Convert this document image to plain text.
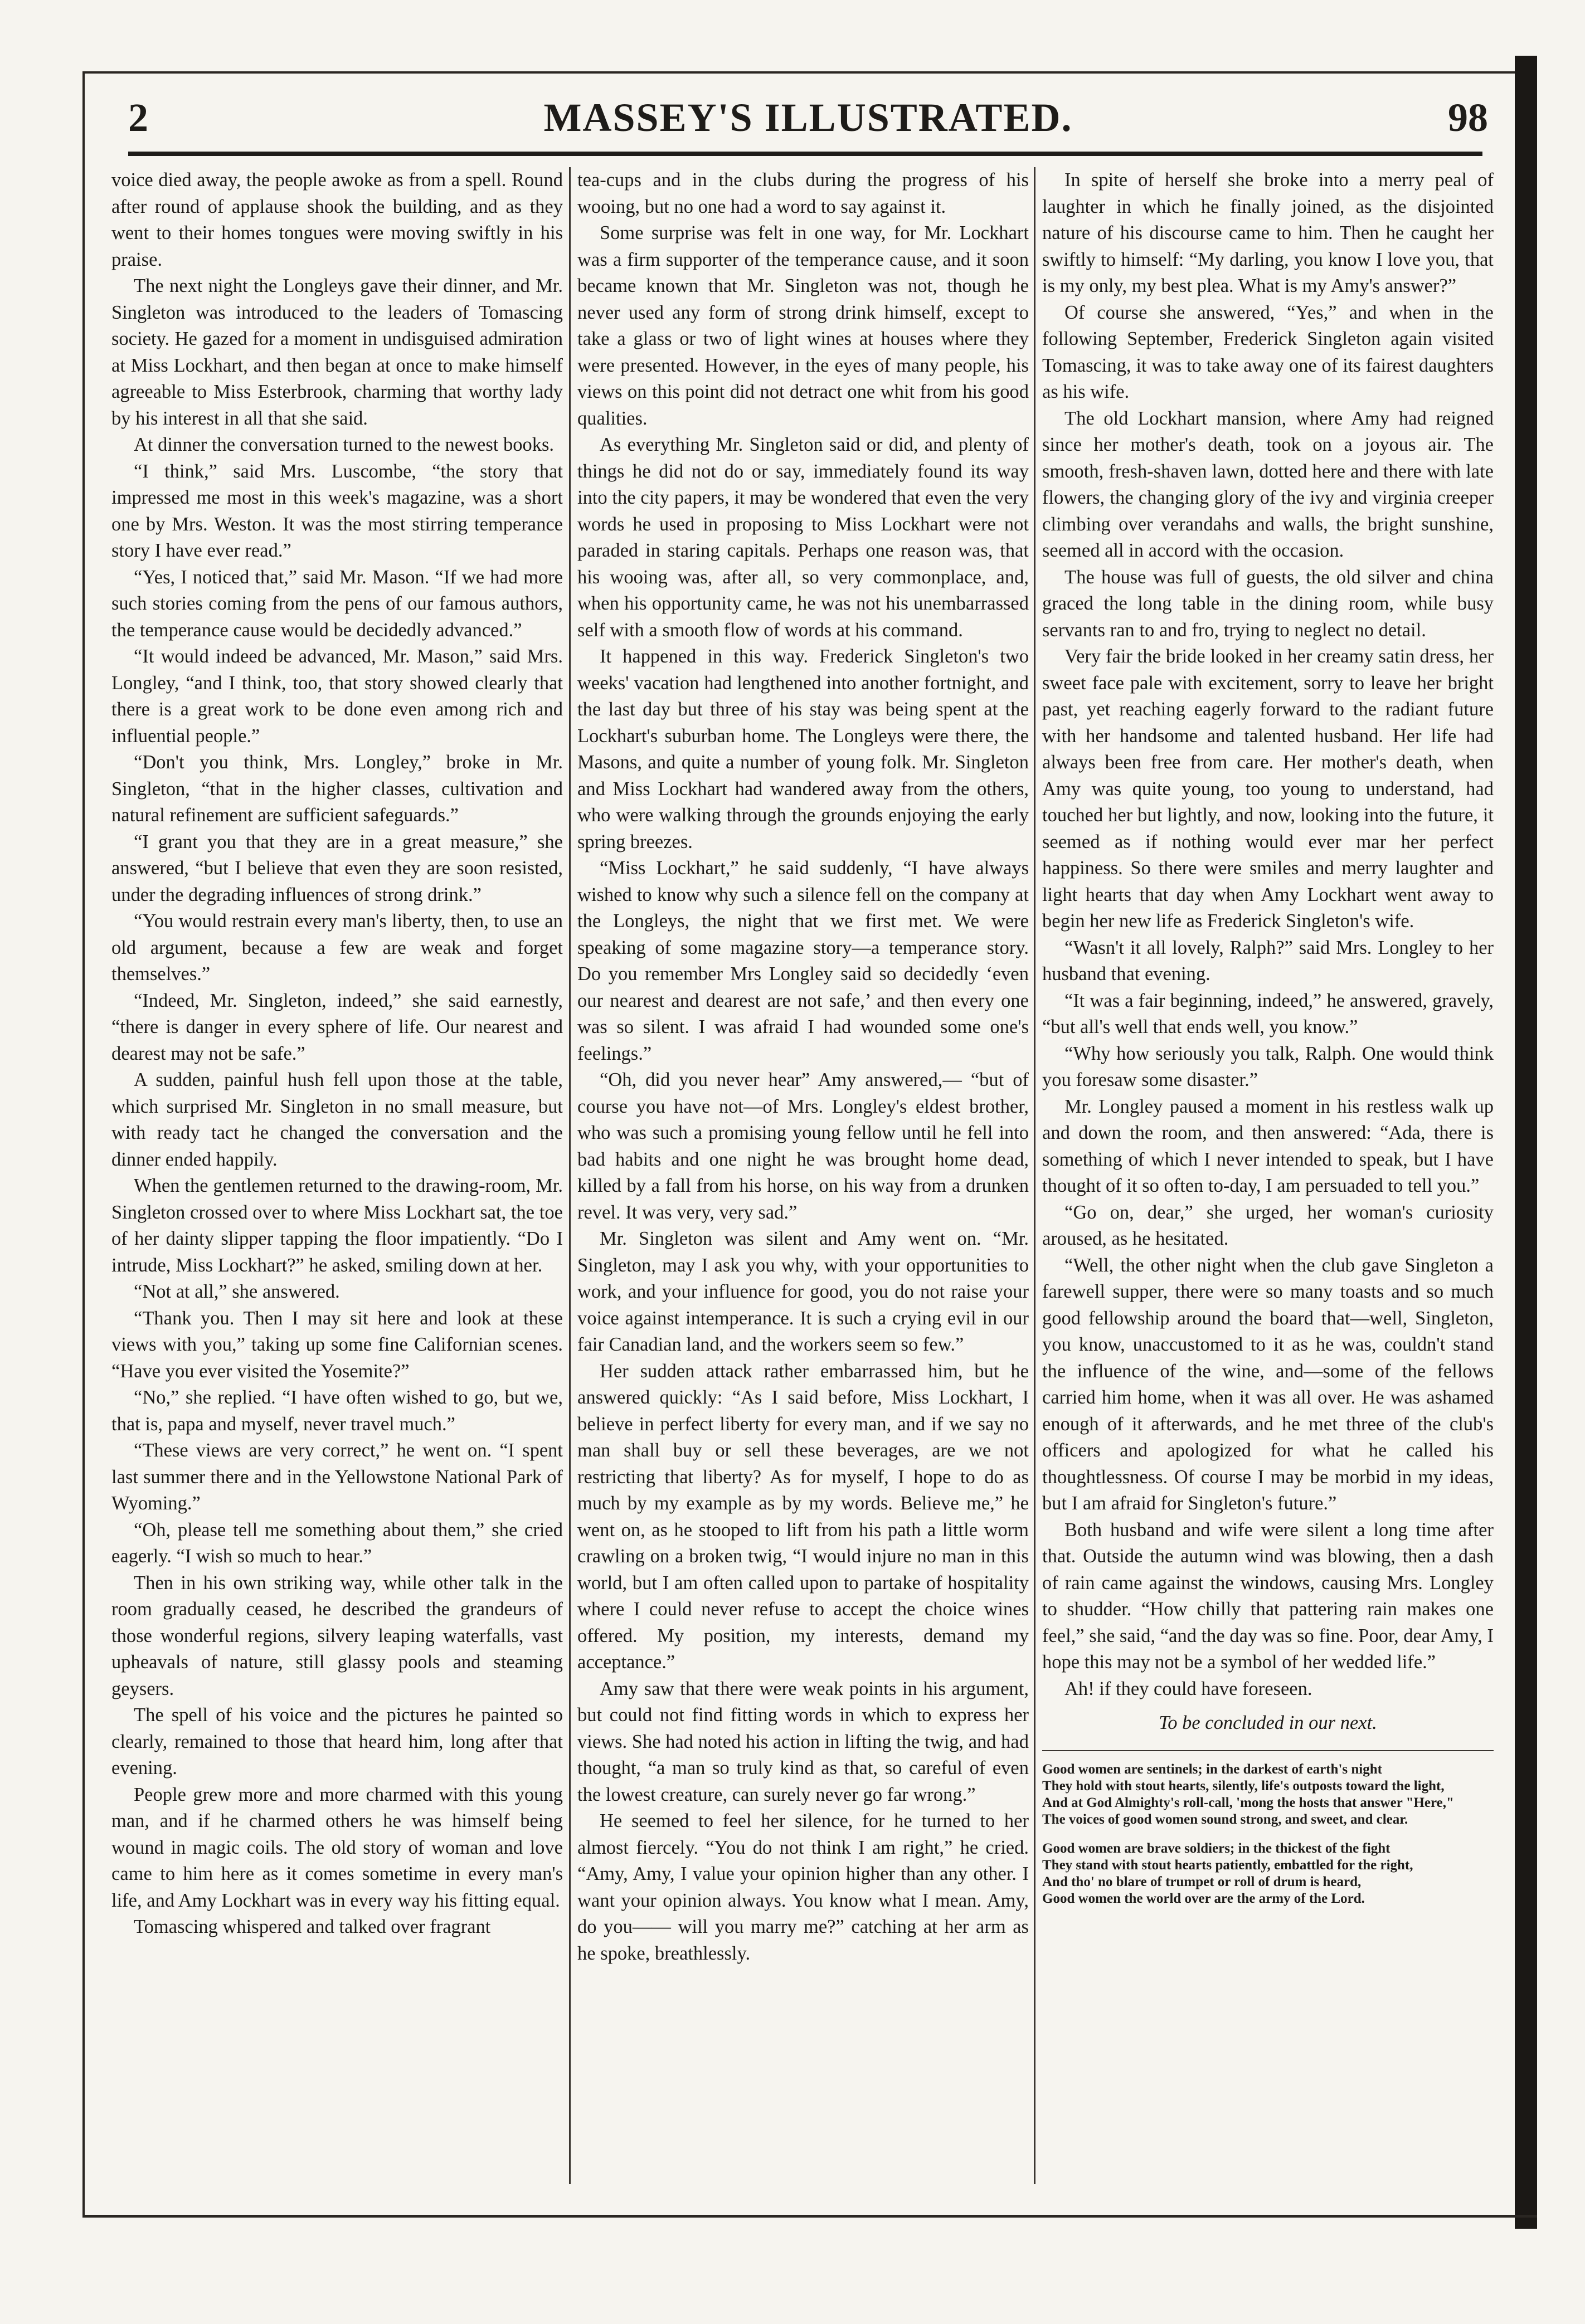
2	MASSEY'S ILLUSTRATED.	98

voice died away, the people awoke as from a spell. Round after round of applause shook the building, and as they went to their homes tongues were moving swiftly in his praise.

The next night the Longleys gave their dinner, and Mr. Singleton was introduced to the leaders of Tomascing society. He gazed for a moment in undisguised admiration at Miss Lockhart, and then began at once to make himself agreeable to Miss Esterbrook, charming that worthy lady by his interest in all that she said.

At dinner the conversation turned to the newest books.

“I think,” said Mrs. Luscombe, “the story that impressed me most in this week's magazine, was a short one by Mrs. Weston. It was the most stirring temperance story I have ever read.”

“Yes, I noticed that,” said Mr. Mason. “If we had more such stories coming from the pens of our famous authors, the temperance cause would be decidedly advanced.”

“It would indeed be advanced, Mr. Mason,” said Mrs. Longley, “and I think, too, that story showed clearly that there is a great work to be done even among rich and influential people.”

“Don't you think, Mrs. Longley,” broke in Mr. Singleton, “that in the higher classes, cultivation and natural refinement are sufficient safeguards.”

“I grant you that they are in a great measure,” she answered, “but I believe that even they are soon resisted, under the degrading influences of strong drink.”

“You would restrain every man's liberty, then, to use an old argument, because a few are weak and forget themselves.”

“Indeed, Mr. Singleton, indeed,” she said earnestly, “there is danger in every sphere of life. Our nearest and dearest may not be safe.”

A sudden, painful hush fell upon those at the table, which surprised Mr. Singleton in no small measure, but with ready tact he changed the conversation and the dinner ended happily.

When the gentlemen returned to the drawing-room, Mr. Singleton crossed over to where Miss Lockhart sat, the toe of her dainty slipper tapping the floor impatiently. “Do I intrude, Miss Lockhart?” he asked, smiling down at her.

“Not at all,” she answered.

“Thank you. Then I may sit here and look at these views with you,” taking up some fine Californian scenes. “Have you ever visited the Yosemite?”

“No,” she replied. “I have often wished to go, but we, that is, papa and myself, never travel much.”

“These views are very correct,” he went on. “I spent last summer there and in the Yellowstone National Park of Wyoming.”

“Oh, please tell me something about them,” she cried eagerly. “I wish so much to hear.”

Then in his own striking way, while other talk in the room gradually ceased, he described the grandeurs of those wonderful regions, silvery leaping waterfalls, vast upheavals of nature, still glassy pools and steaming geysers.

The spell of his voice and the pictures he painted so clearly, remained to those that heard him, long after that evening.

People grew more and more charmed with this young man, and if he charmed others he was himself being wound in magic coils. The old story of woman and love came to him here as it comes sometime in every man's life, and Amy Lockhart was in every way his fitting equal.

Tomascing whispered and talked over fragrant

tea-cups and in the clubs during the progress of his wooing, but no one had a word to say against it.

Some surprise was felt in one way, for Mr. Lockhart was a firm supporter of the temperance cause, and it soon became known that Mr. Singleton was not, though he never used any form of strong drink himself, except to take a glass or two of light wines at houses where they were presented. However, in the eyes of many people, his views on this point did not detract one whit from his good qualities.

As everything Mr. Singleton said or did, and plenty of things he did not do or say, immediately found its way into the city papers, it may be wondered that even the very words he used in proposing to Miss Lockhart were not paraded in staring capitals. Perhaps one reason was, that his wooing was, after all, so very commonplace, and, when his opportunity came, he was not his unembarrassed self with a smooth flow of words at his command.

It happened in this way. Frederick Singleton's two weeks' vacation had lengthened into another fortnight, and the last day but three of his stay was being spent at the Lockhart's suburban home. The Longleys were there, the Masons, and quite a number of young folk. Mr. Singleton and Miss Lockhart had wandered away from the others, who were walking through the grounds enjoying the early spring breezes.

“Miss Lockhart,” he said suddenly, “I have always wished to know why such a silence fell on the company at the Longleys, the night that we first met. We were speaking of some magazine story—a temperance story. Do you remember Mrs Longley said so decidedly ‘even our nearest and dearest are not safe,’ and then every one was so silent. I was afraid I had wounded some one's feelings.”

“Oh, did you never hear” Amy answered,— “but of course you have not—of Mrs. Longley's eldest brother, who was such a promising young fellow until he fell into bad habits and one night he was brought home dead, killed by a fall from his horse, on his way from a drunken revel. It was very, very sad.”

Mr. Singleton was silent and Amy went on. “Mr. Singleton, may I ask you why, with your opportunities to work, and your influence for good, you do not raise your voice against intemperance. It is such a crying evil in our fair Canadian land, and the workers seem so few.”

Her sudden attack rather embarrassed him, but he answered quickly: “As I said before, Miss Lockhart, I believe in perfect liberty for every man, and if we say no man shall buy or sell these beverages, are we not restricting that liberty? As for myself, I hope to do as much by my example as by my words. Believe me,” he went on, as he stooped to lift from his path a little worm crawling on a broken twig, “I would injure no man in this world, but I am often called upon to partake of hospitality where I could never refuse to accept the choice wines offered. My position, my interests, demand my acceptance.”

Amy saw that there were weak points in his argument, but could not find fitting words in which to express her views. She had noted his action in lifting the twig, and had thought, “a man so truly kind as that, so careful of even the lowest creature, can surely never go far wrong.”

He seemed to feel her silence, for he turned to her almost fiercely. “You do not think I am right,” he cried. “Amy, Amy, I value your opinion higher than any other. I want your opinion always. You know what I mean. Amy, do you—— will you marry me?” catching at her arm as he spoke, breathlessly.

In spite of herself she broke into a merry peal of laughter in which he finally joined, as the disjointed nature of his discourse came to him. Then he caught her swiftly to himself: “My darling, you know I love you, that is my only, my best plea. What is my Amy's answer?”

Of course she answered, “Yes,” and when in the following September, Frederick Singleton again visited Tomascing, it was to take away one of its fairest daughters as his wife.

The old Lockhart mansion, where Amy had reigned since her mother's death, took on a joyous air. The smooth, fresh-shaven lawn, dotted here and there with late flowers, the changing glory of the ivy and virginia creeper climbing over verandahs and walls, the bright sunshine, seemed all in accord with the occasion.

The house was full of guests, the old silver and china graced the long table in the dining room, while busy servants ran to and fro, trying to neglect no detail.

Very fair the bride looked in her creamy satin dress, her sweet face pale with excitement, sorry to leave her bright past, yet reaching eagerly forward to the radiant future with her handsome and talented husband. Her life had always been free from care. Her mother's death, when Amy was quite young, too young to understand, had touched her but lightly, and now, looking into the future, it seemed as if nothing would ever mar her perfect happiness. So there were smiles and merry laughter and light hearts that day when Amy Lockhart went away to begin her new life as Frederick Singleton's wife.

“Wasn't it all lovely, Ralph?” said Mrs. Longley to her husband that evening.

“It was a fair beginning, indeed,” he answered, gravely, “but all's well that ends well, you know.”

“Why how seriously you talk, Ralph. One would think you foresaw some disaster.”

Mr. Longley paused a moment in his restless walk up and down the room, and then answered: “Ada, there is something of which I never intended to speak, but I have thought of it so often to-day, I am persuaded to tell you.”

“Go on, dear,” she urged, her woman's curiosity aroused, as he hesitated.

“Well, the other night when the club gave Singleton a farewell supper, there were so many toasts and so much good fellowship around the board that—well, Singleton, you know, unaccustomed to it as he was, couldn't stand the influence of the wine, and—some of the fellows carried him home, when it was all over. He was ashamed enough of it afterwards, and he met three of the club's officers and apologized for what he called his thoughtlessness. Of course I may be morbid in my ideas, but I am afraid for Singleton's future.”

Both husband and wife were silent a long time after that. Outside the autumn wind was blowing, then a dash of rain came against the windows, causing Mrs. Longley to shudder. “How chilly that pattering rain makes one feel,” she said, “and the day was so fine. Poor, dear Amy, I hope this may not be a symbol of her wedded life.”

Ah! if they could have foreseen.

To be concluded in our next.

Good women are sentinels; in the darkest of earth's night
They hold with stout hearts, silently, life's outposts toward the light,
And at God Almighty's roll-call, 'mong the hosts that answer "Here,"
The voices of good women sound strong, and sweet, and clear.
Good women are brave soldiers; in the thickest of the fight
They stand with stout hearts patiently, embattled for the right,
And tho' no blare of trumpet or roll of drum is heard,
Good women the world over are the army of the Lord.
